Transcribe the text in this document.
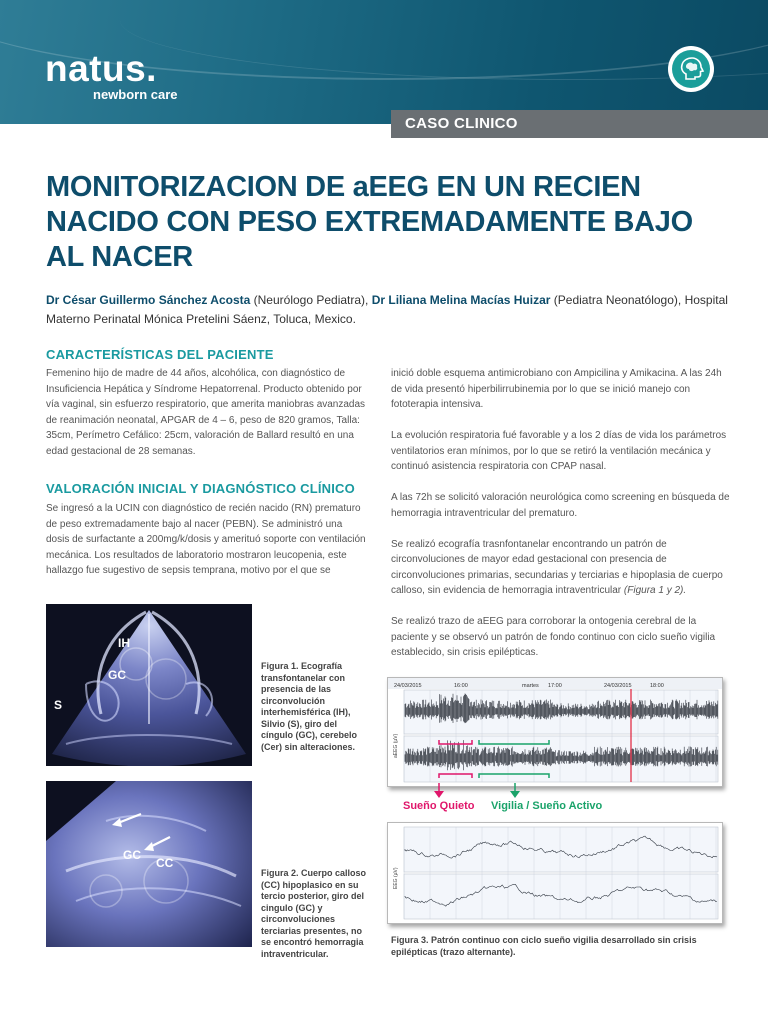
natus.
newborn care
CASO CLINICO
MONITORIZACION DE aEEG EN UN RECIEN NACIDO CON PESO EXTREMADAMENTE BAJO AL NACER
Dr César Guillermo Sánchez Acosta (Neurólogo Pediatra), Dr Liliana Melina Macías Huizar (Pediatra Neonatólogo), Hospital Materno Perinatal Mónica Pretelini Sáenz, Toluca, Mexico.
CARACTERÍSTICAS DEL PACIENTE

Femenino hijo de madre de 44 años, alcohólica, con diagnóstico de Insuficiencia Hepática y Síndrome Hepatorrenal. Producto obtenido por vía vaginal, sin esfuerzo respiratorio, que amerita maniobras avanzadas de reanimación neonatal, APGAR de 4 – 6, peso de 820 gramos, Talla: 35cm, Perímetro Cefálico: 25cm, valoración de Ballard resultó en una edad gestacional de 28 semanas.

VALORACIÓN INICIAL Y DIAGNÓSTICO CLÍNICO

Se ingresó a la UCIN con diagnóstico de recién nacido (RN) prematuro de peso extremadamente bajo al nacer (PEBN). Se administró una dosis de surfactante a 200mg/k/dosis y amerituó soporte con ventilación mecánica. Los resultados de laboratorio mostraron leucopenia, este hallazgo fue sugestivo de sepsis temprana, motivo por el que se

inició doble esquema antimicrobiano con Ampicilina y Amikacina. A las 24h de vida presentó hiperbilirrubinemia por lo que se inició manejo con fototerapia intensiva.

La evolución respiratoria fué favorable y a los 2 días de vida los parámetros ventilatorios eran mínimos, por lo que se retiró la ventilación mecánica y continuó asistencia respiratoria con CPAP nasal.

A las 72h se solicitó valoración neurológica como screening en búsqueda de hemorragia intraventricular del prematuro.

Se realizó ecografía trasnfontanelar encontrando un patrón de circonvoluciones de mayor edad gestacional con presencia de circonvoluciones primarias, secundarias y terciarias e hipoplasia de cuerpo calloso, sin evidencia de hemorragia intraventricular (Figura 1 y 2).

Se realizó trazo de aEEG para corroborar la ontogenia cerebral de la paciente y se observó un patrón de fondo continuo con ciclo sueño vigilia establecido, sin crisis epilépticas.

IH
GC
S
Figura 1. Ecografía transfontanelar con presencia de las circonvolución interhemisférica (IH), Silvio (S), giro del cíngulo (GC), cerebelo (Cer) sin alteraciones.
GC
CC
Figura 2. Cuerpo calloso (CC) hipoplasico en su tercio posterior, giro del cingulo (GC) y circonvoluciones terciarias presentes, no se encontró hemorragia intraventricular.
24/03/2015	16:00	martes 17:00	24/03/2015	18:00
aEEG (µV)
Sueño Quieto Vigilia / Sueño Activo
EEG (µV)
Figura 3. Patrón continuo con ciclo sueño vigilia desarrollado sin crisis epilépticas (trazo alternante).
